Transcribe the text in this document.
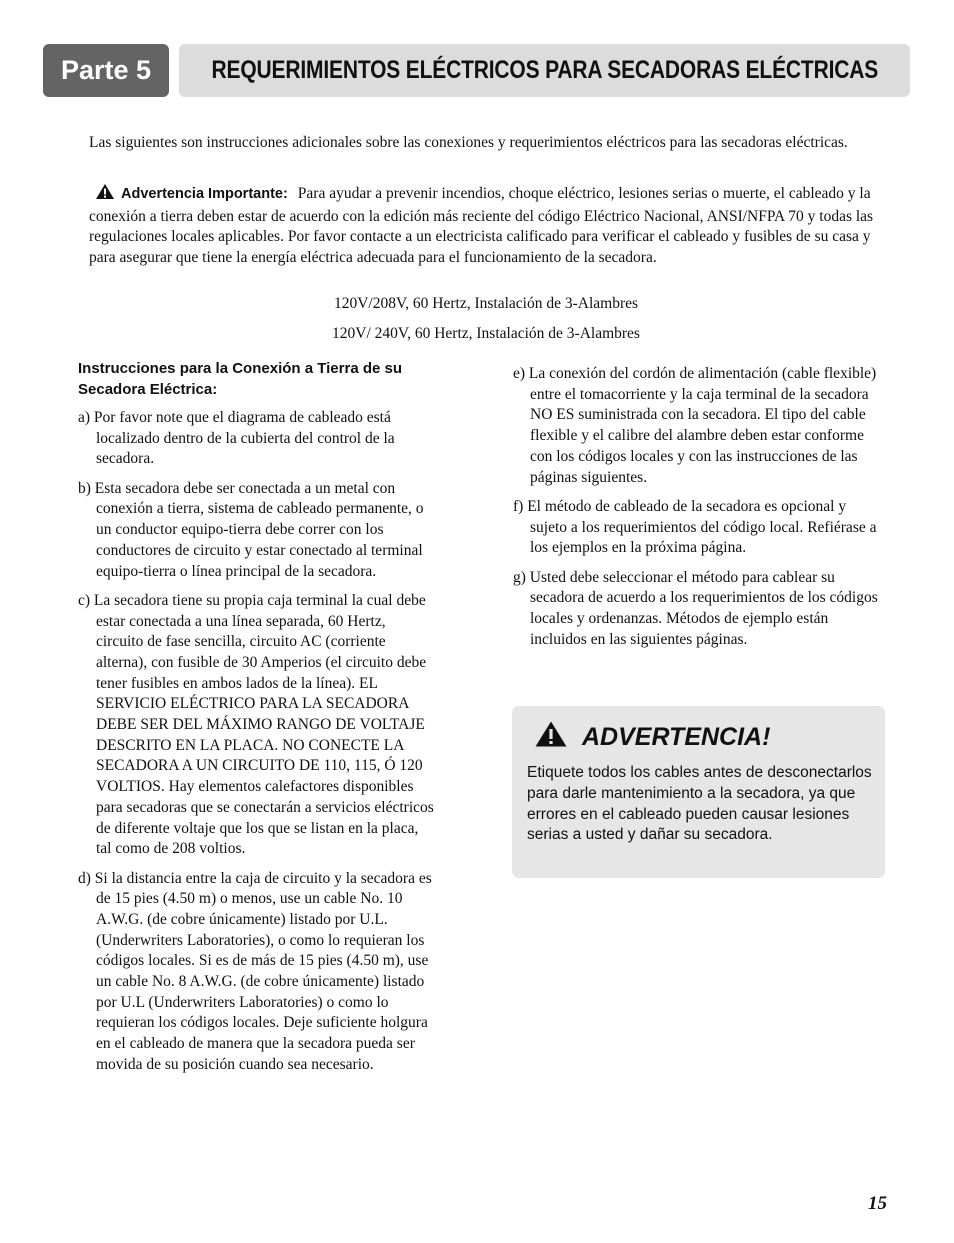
Parte 5	REQUERIMIENTOS ELÉCTRICOS PARA SECADORAS ELÉCTRICAS
Las siguientes son instrucciones adicionales sobre las conexiones y requerimientos eléctricos para las secadoras eléctricas.
Advertencia Importante: Para ayudar a prevenir incendios, choque eléctrico, lesiones serias o muerte, el cableado y la conexión a tierra deben estar de acuerdo con la edición más reciente del código Eléctrico Nacional, ANSI/NFPA 70 y todas las regulaciones locales aplicables. Por favor contacte a un electricista calificado para verificar el cableado y fusibles de su casa y para asegurar que tiene la energía eléctrica adecuada para el funcionamiento de la secadora.
120V/208V, 60 Hertz, Instalación de 3-Alambres
120V/ 240V, 60 Hertz, Instalación de 3-Alambres

Instrucciones para la Conexión a Tierra de su Secadora Eléctrica:

a) Por favor note que el diagrama de cableado está localizado dentro de la cubierta del control de la secadora.

b) Esta secadora debe ser conectada a un metal con conexión a tierra, sistema de cableado permanente, o un conductor equipo-tierra debe correr con los conductores de circuito y estar conectado al terminal equipo-tierra o línea principal de la secadora.

c) La secadora tiene su propia caja terminal la cual debe estar conectada a una línea separada, 60 Hertz, circuito de fase sencilla, circuito AC (corriente alterna), con fusible de 30 Amperios (el circuito debe tener fusibles en ambos lados de la línea). EL SERVICIO ELÉCTRICO PARA LA SECADORA DEBE SER DEL MÁXIMO RANGO DE VOLTAJE DESCRITO EN LA PLACA. NO CONECTE LA SECADORA A UN CIRCUITO DE 110, 115, Ó 120 VOLTIOS. Hay elementos calefactores disponibles para secadoras que se conectarán a servicios eléctricos de diferente voltaje que los que se listan en la placa, tal como de 208 voltios.

d) Si la distancia entre la caja de circuito y la secadora es de 15 pies (4.50 m) o menos, use un cable No. 10 A.W.G. (de cobre únicamente) listado por U.L. (Underwriters Laboratories), o como lo requieran los códigos locales. Si es de más de 15 pies (4.50 m), use un cable No. 8 A.W.G. (de cobre únicamente) listado por U.L (Underwriters Laboratories) o como lo requieran los códigos locales. Deje suficiente holgura en el cableado de manera que la secadora pueda ser movida de su posición cuando sea necesario.

e) La conexión del cordón de alimentación (cable flexible) entre el tomacorriente y la caja terminal de la secadora NO ES suministrada con la secadora. El tipo del cable flexible y el calibre del alambre deben estar conforme con los códigos locales y con las instrucciones de las páginas siguientes.

f) El método de cableado de la secadora es opcional y sujeto a los requerimientos del código local. Refiérase a los ejemplos en la próxima página.

g) Usted debe seleccionar el método para cablear su secadora de acuerdo a los requerimientos de los códigos locales y ordenanzas. Métodos de ejemplo están incluidos en las siguientes páginas.

ADVERTENCIA!
Etiquete todos los cables antes de desconectarlos para darle mantenimiento a la secadora, ya que errores en el cableado pueden causar lesiones serias a usted y dañar su secadora.
15
